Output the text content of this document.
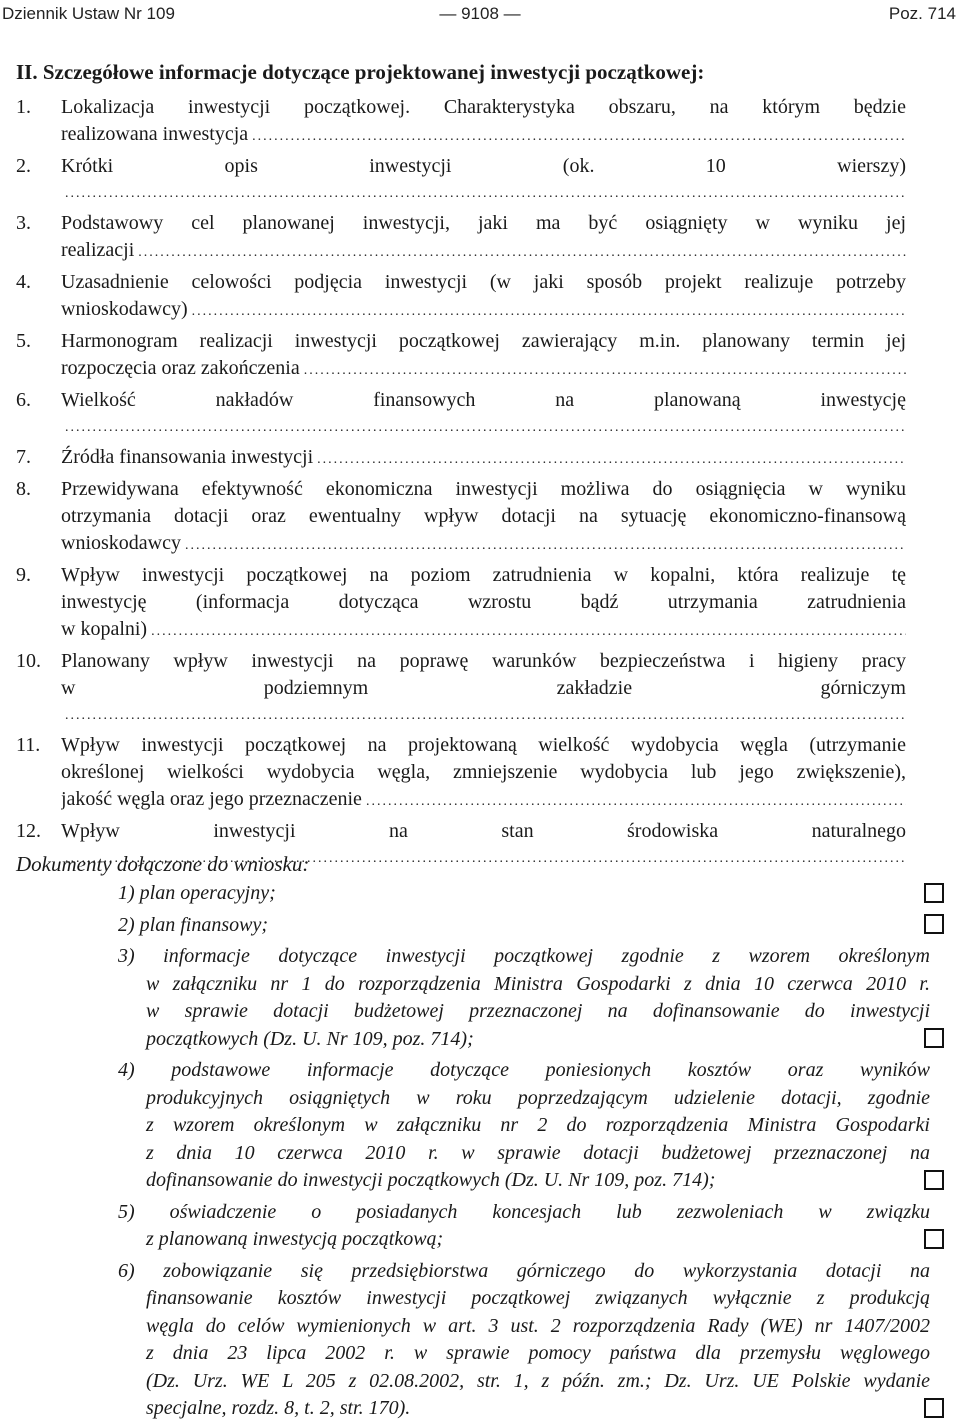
Dziennik Ustaw Nr 109	— 9108 —	Poz. 714
II. Szczegółowe informacje dotyczące projektowanej inwestycji początkowej:
1. Lokalizacja inwestycji początkowej. Charakterystyka obszaru, na którym będzie
realizowana inwestycja
.....
2. Krótki opis inwestycji (ok. 10 wierszy)
.....
3. Podstawowy cel planowanej inwestycji, jaki ma być osiągnięty w wyniku jej
realizacji
.....
4. Uzasadnienie celowości podjęcia inwestycji (w jaki sposób projekt realizuje potrzeby
wnioskodawcy)
.....
5. Harmonogram realizacji inwestycji początkowej zawierający m.in. planowany termin jej
rozpoczęcia oraz zakończenia
.....
6. Wielkość nakładów finansowych na planowaną inwestycję
.....
7. Źródła finansowania inwestycji
.....
8. Przewidywana efektywność ekonomiczna inwestycji możliwa do osiągnięcia w wyniku
otrzymania dotacji oraz ewentualny wpływ dotacji na sytuację ekonomiczno-finansową
wnioskodawcy
.....
9. Wpływ inwestycji początkowej na poziom zatrudnienia w kopalni, która realizuje tę
inwestycję (informacja dotycząca wzrostu bądź utrzymania zatrudnienia
w kopalni)
.....
10. Planowany wpływ inwestycji na poprawę warunków bezpieczeństwa i higieny pracy
w podziemnym zakładzie górniczym
.....
11. Wpływ inwestycji początkowej na projektowaną wielkość wydobycia węgla (utrzymanie
określonej wielkości wydobycia węgla, zmniejszenie wydobycia lub jego zwiększenie),
jakość węgla oraz jego przeznaczenie
.....
12. Wpływ inwestycji na stan środowiska naturalnego
.....
Dokumenty dołączone do wniosku:
1) plan operacyjny;
2) plan finansowy;
3) informacje dotyczące inwestycji początkowej zgodnie z wzorem określonym
w załączniku nr 1 do rozporządzenia Ministra Gospodarki z dnia 10 czerwca 2010 r.
w sprawie dotacji budżetowej przeznaczonej na dofinansowanie do inwestycji
początkowych (Dz. U. Nr 109, poz. 714);
4) podstawowe informacje dotyczące poniesionych kosztów oraz wyników
produkcyjnych osiągniętych w roku poprzedzającym udzielenie dotacji, zgodnie
z wzorem określonym w załączniku nr 2 do rozporządzenia Ministra Gospodarki
z dnia 10 czerwca 2010 r. w sprawie dotacji budżetowej przeznaczonej na
dofinansowanie do inwestycji początkowych (Dz. U. Nr 109, poz. 714);
5) oświadczenie o posiadanych koncesjach lub zezwoleniach w związku
z planowaną inwestycją początkową;
6) zobowiązanie się przedsiębiorstwa górniczego do wykorzystania dotacji na
finansowanie kosztów inwestycji początkowej związanych wyłącznie z produkcją
węgla do celów wymienionych w art. 3 ust. 2 rozporządzenia Rady (WE) nr 1407/2002
z dnia 23 lipca 2002 r. w sprawie pomocy państwa dla przemysłu węglowego
(Dz. Urz. WE L 205 z 02.08.2002, str. 1, z późn. zm.; Dz. Urz. UE Polskie wydanie
specjalne, rozdz. 8, t. 2, str. 170).
